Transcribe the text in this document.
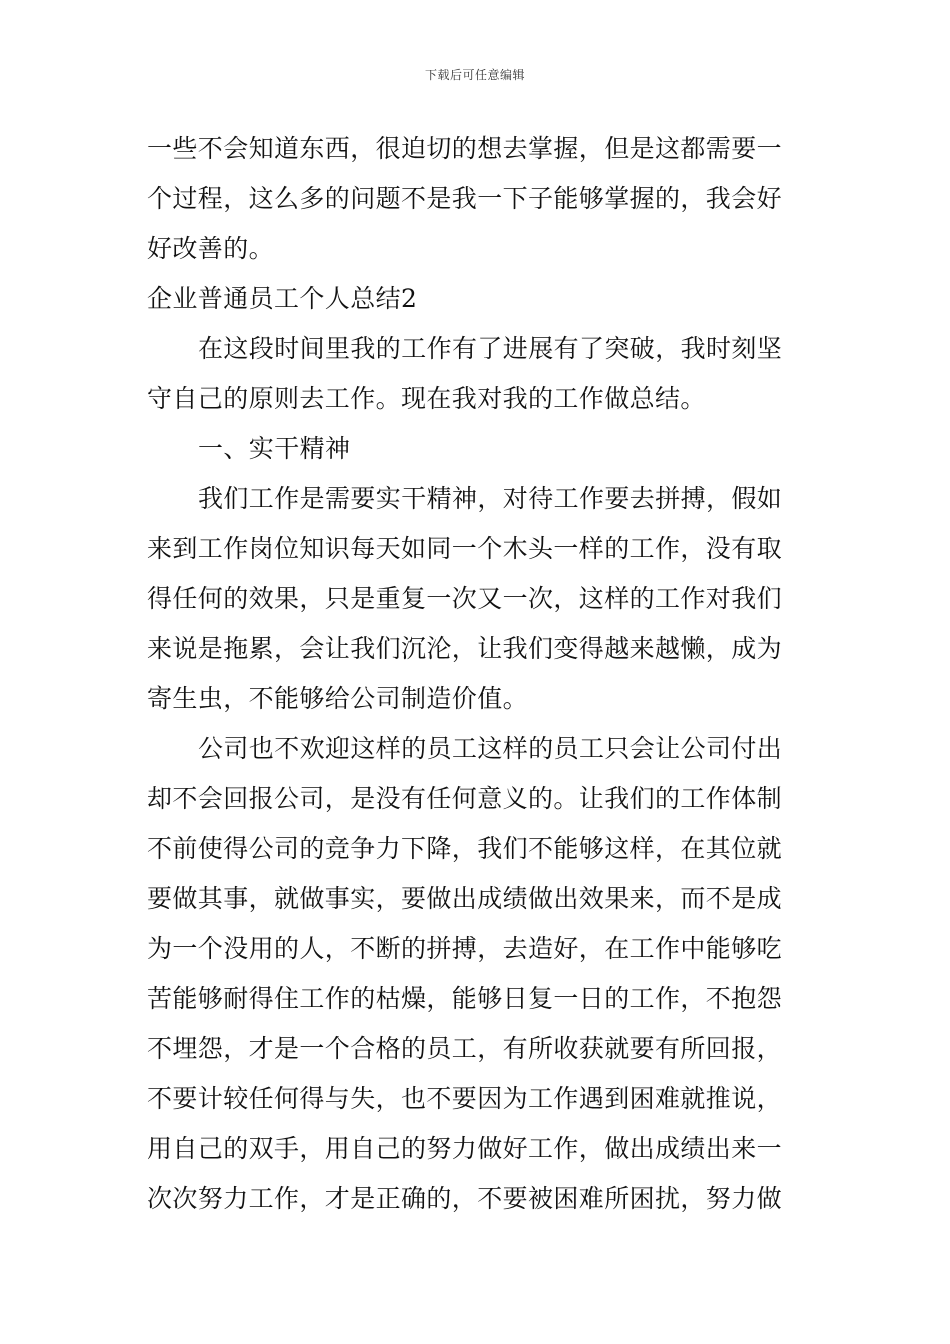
下载后可任意编辑
一些不会知道东西，很迫切的想去掌握，但是这都需要一
个过程，这么多的问题不是我一下子能够掌握的，我会好
好改善的。
企业普通员工个人总结2
在这段时间里我的工作有了进展有了突破，我时刻坚
守自己的原则去工作。现在我对我的工作做总结。
一、实干精神
我们工作是需要实干精神，对待工作要去拼搏，假如
来到工作岗位知识每天如同一个木头一样的工作，没有取
得任何的效果，只是重复一次又一次，这样的工作对我们
来说是拖累，会让我们沉沦，让我们变得越来越懒，成为
寄生虫，不能够给公司制造价值。
公司也不欢迎这样的员工这样的员工只会让公司付出
却不会回报公司，是没有任何意义的。让我们的工作体制
不前使得公司的竞争力下降，我们不能够这样，在其位就
要做其事，就做事实，要做出成绩做出效果来，而不是成
为一个没用的人，不断的拼搏，去造好，在工作中能够吃
苦能够耐得住工作的枯燥，能够日复一日的工作，不抱怨
不埋怨，才是一个合格的员工，有所收获就要有所回报，
不要计较任何得与失，也不要因为工作遇到困难就推说，
用自己的双手，用自己的努力做好工作，做出成绩出来一
次次努力工作，才是正确的，不要被困难所困扰，努力做
